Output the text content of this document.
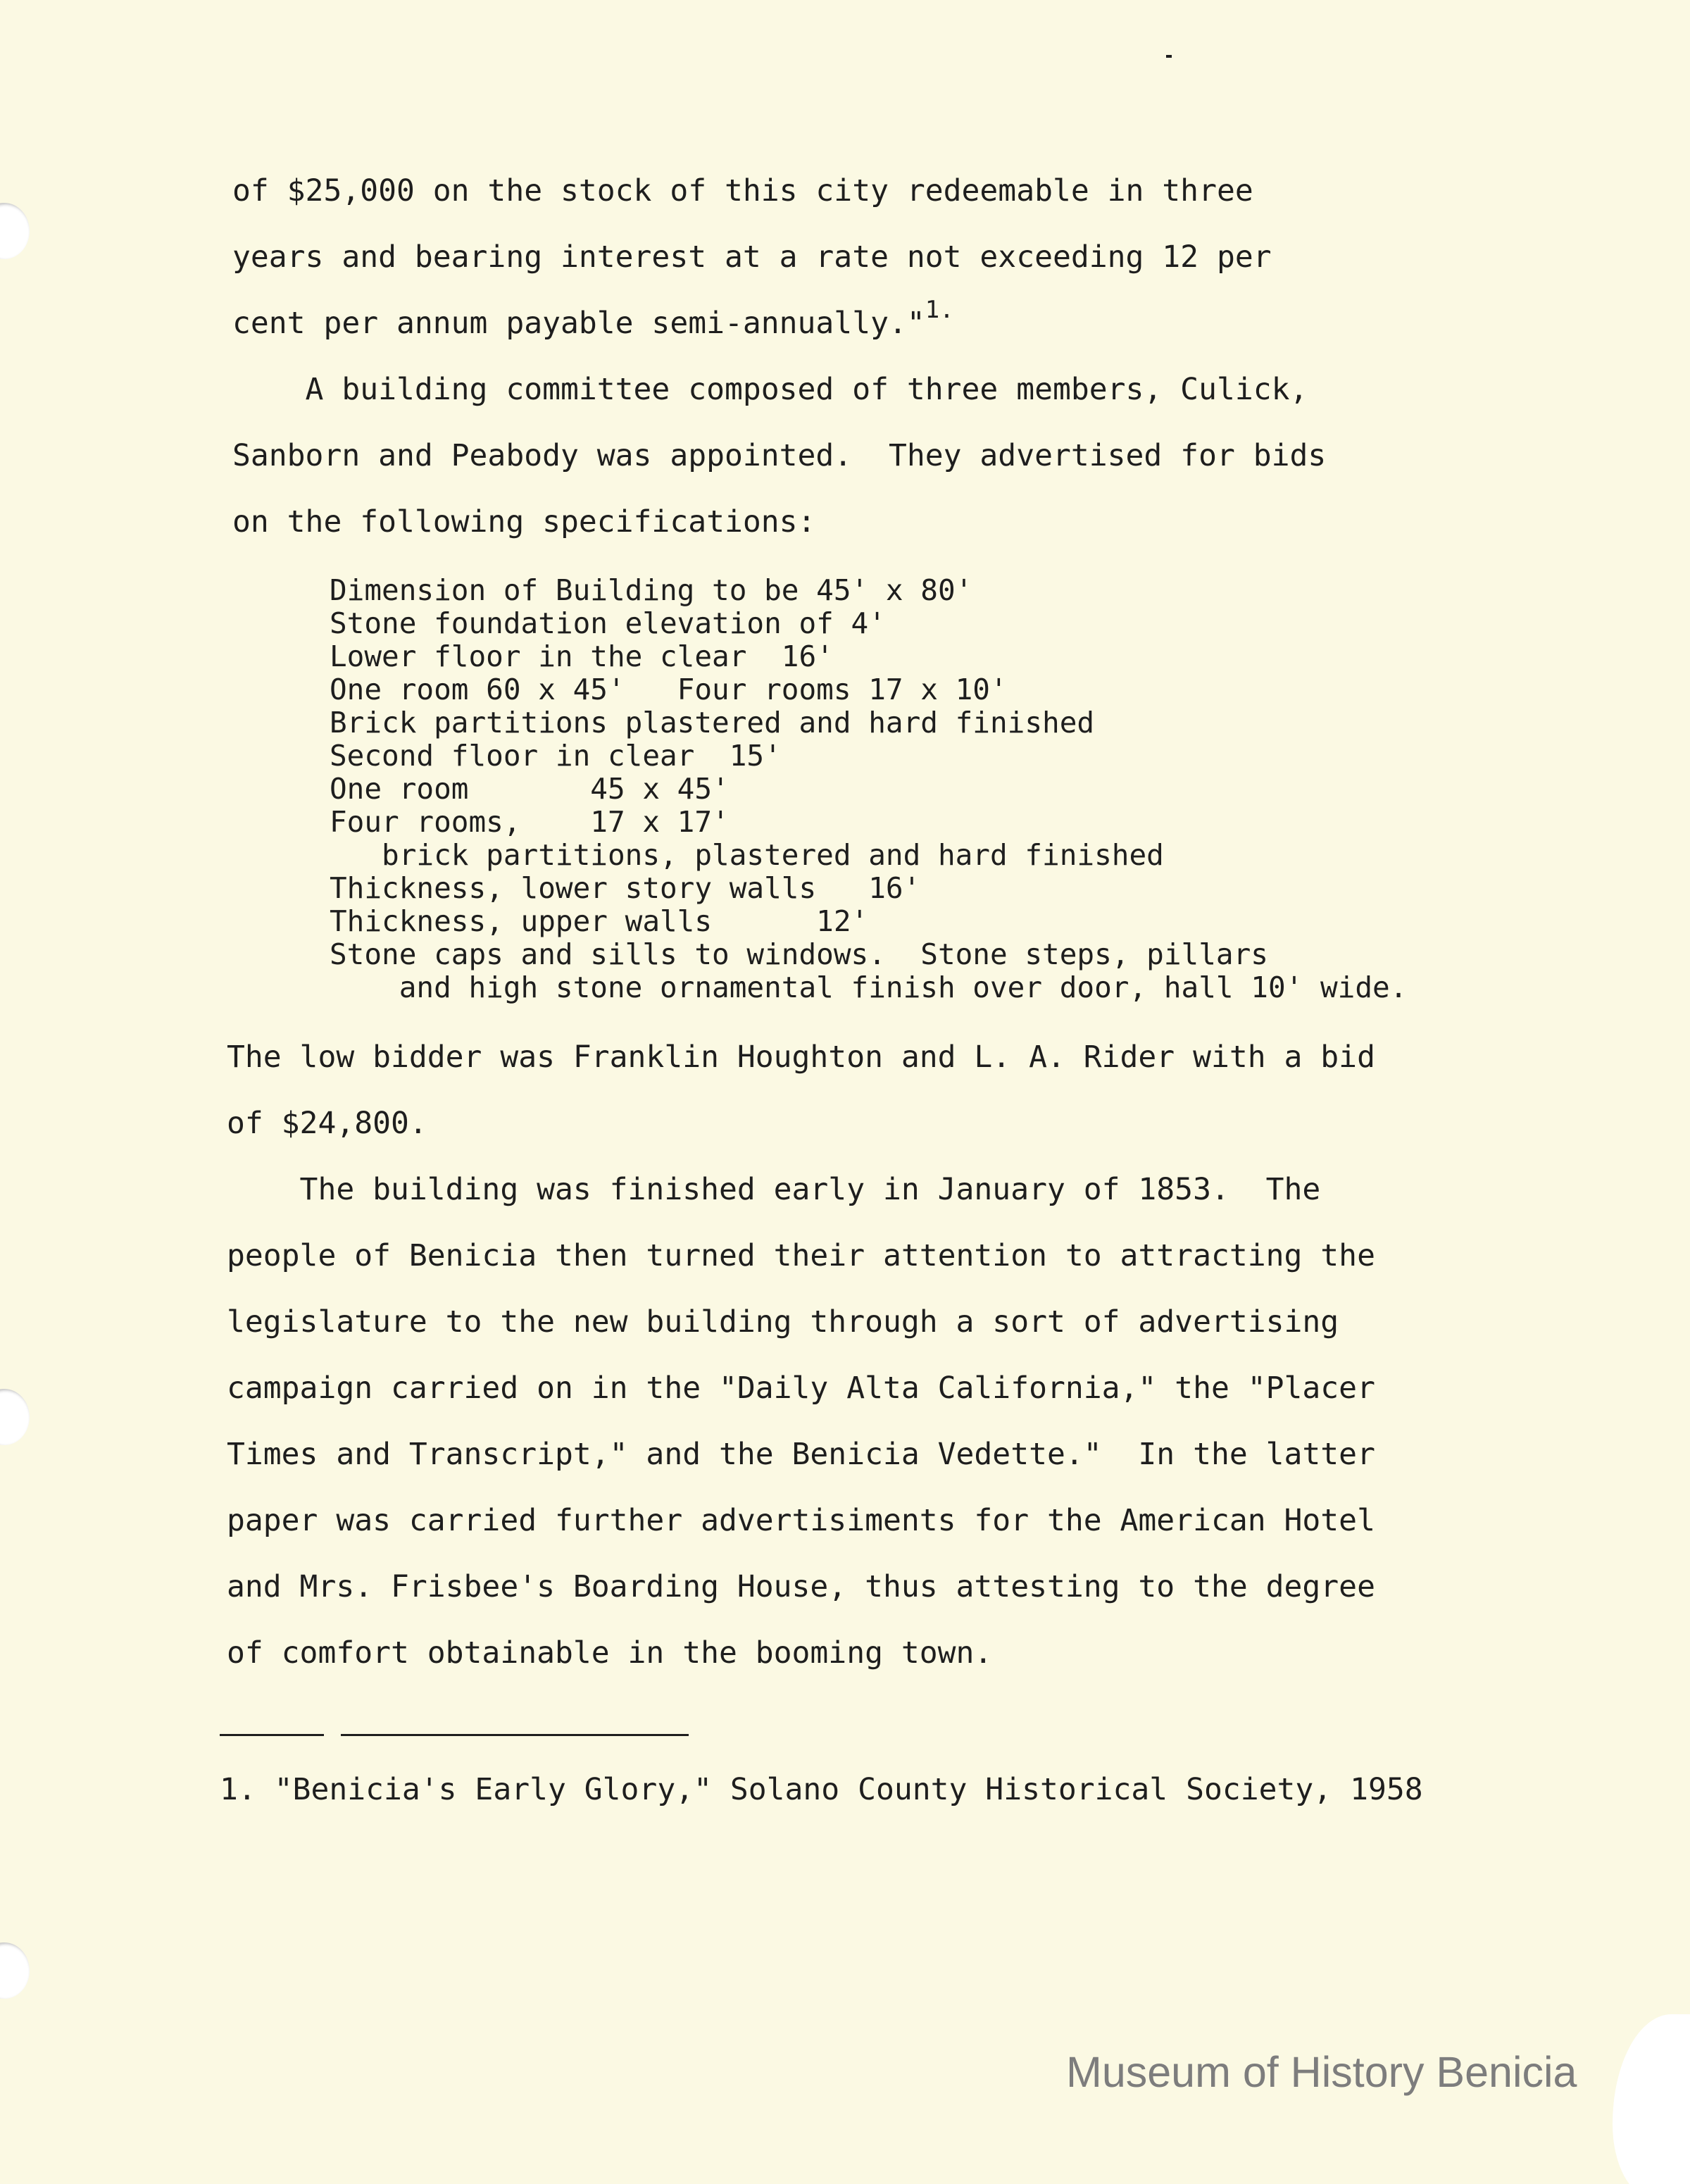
of $25,000 on the stock of this city redeemable in three
years and bearing interest at a rate not exceeding 12 per
cent per annum payable semi-annually."$^{1.}$
A building committee composed of three members, Culick,
Sanborn and Peabody was appointed.  They advertised for bids
on the following specifications:
Dimension of Building to be 45' x 80'
Stone foundation elevation of 4'
Lower floor in the clear  16'
One room 60 x 45'   Four rooms 17 x 10'
Brick partitions plastered and hard finished
Second floor in clear  15'
One room       45 x 45'
Four rooms,    17 x 17'
brick partitions, plastered and hard finished
Thickness, lower story walls   16'
Thickness, upper walls      12'
Stone caps and sills to windows.  Stone steps, pillars
and high stone ornamental finish over door, hall 10' wide.
The low bidder was Franklin Houghton and L. A. Rider with a bid
of $24,800.
The building was finished early in January of 1853.  The
people of Benicia then turned their attention to attracting the
legislature to the new building through a sort of advertising
campaign carried on in the "Daily Alta California," the "Placer
Times and Transcript," and the Benicia Vedette."  In the latter
paper was carried further advertisiments for the American Hotel
and Mrs. Frisbee's Boarding House, thus attesting to the degree
of comfort obtainable in the booming town.
1. "Benicia's Early Glory," Solano County Historical Society, 1958
Museum of History Benicia
